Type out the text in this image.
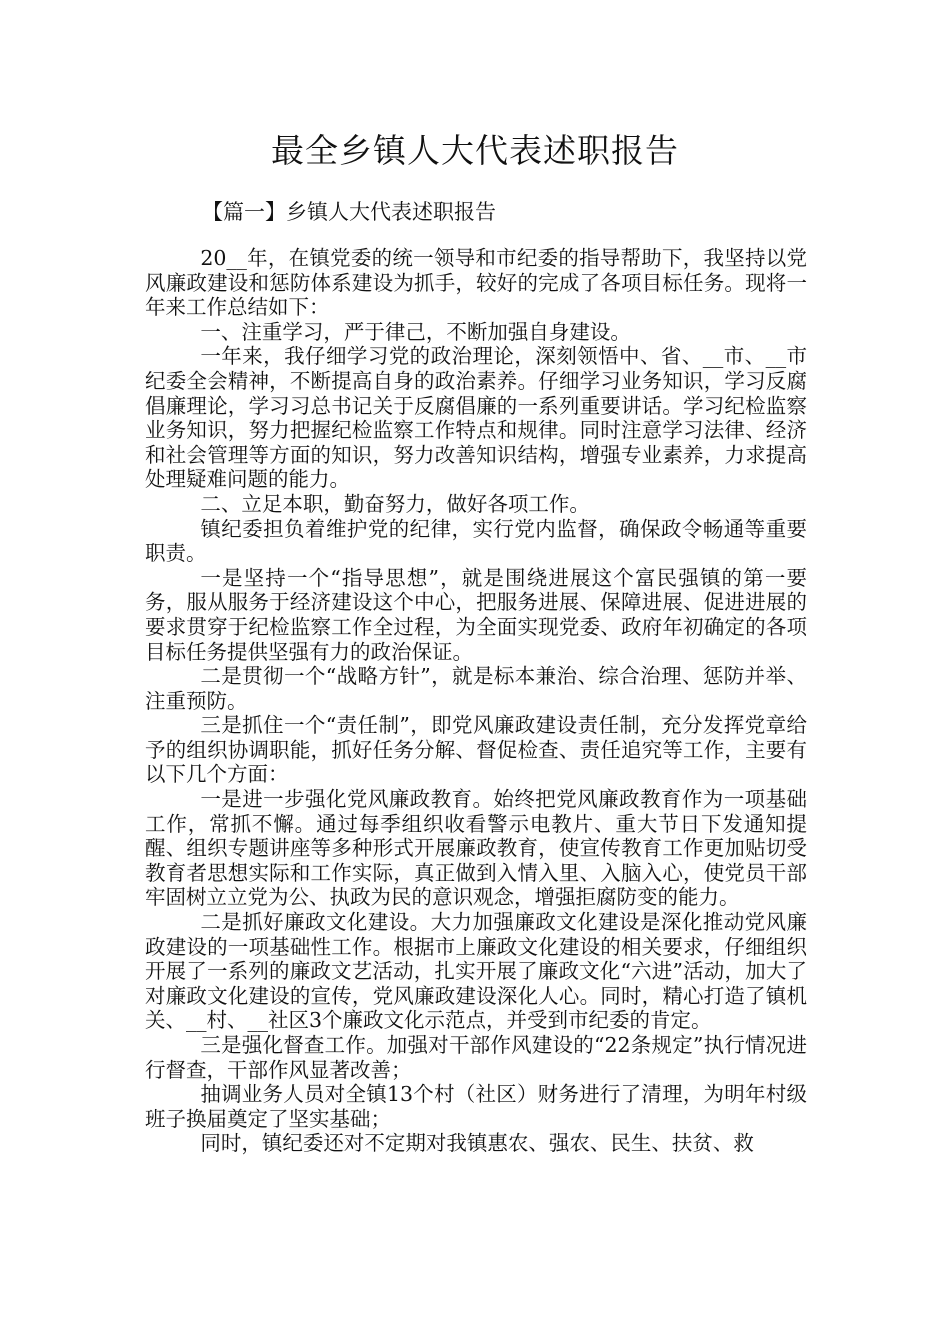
最全乡镇人大代表述职报告
【篇一】乡镇人大代表述职报告

20__年，在镇党委的统一领导和市纪委的指导帮助下，我坚持以党风廉政建设和惩防体系建设为抓手，较好的完成了各项目标任务。现将一年来工作总结如下：

一、注重学习，严于律己，不断加强自身建设。

一年来，我仔细学习党的政治理论，深刻领悟中、省、__市、__市纪委全会精神，不断提高自身的政治素养。仔细学习业务知识，学习反腐倡廉理论，学习习总书记关于反腐倡廉的一系列重要讲话。学习纪检监察业务知识，努力把握纪检监察工作特点和规律。同时注意学习法律、经济和社会管理等方面的知识，努力改善知识结构，增强专业素养，力求提高处理疑难问题的能力。

二、立足本职，勤奋努力，做好各项工作。

镇纪委担负着维护党的纪律，实行党内监督，确保政令畅通等重要职责。

一是坚持一个“指导思想”，就是围绕进展这个富民强镇的第一要务，服从服务于经济建设这个中心，把服务进展、保障进展、促进进展的要求贯穿于纪检监察工作全过程，为全面实现党委、政府年初确定的各项目标任务提供坚强有力的政治保证。

二是贯彻一个“战略方针”，就是标本兼治、综合治理、惩防并举、注重预防。

三是抓住一个“责任制”，即党风廉政建设责任制，充分发挥党章给予的组织协调职能，抓好任务分解、督促检查、责任追究等工作，主要有以下几个方面：

一是进一步强化党风廉政教育。始终把党风廉政教育作为一项基础工作，常抓不懈。通过每季组织收看警示电教片、重大节日下发通知提醒、组织专题讲座等多种形式开展廉政教育，使宣传教育工作更加贴切受教育者思想实际和工作实际，真正做到入情入里、入脑入心，使党员干部牢固树立立党为公、执政为民的意识观念，增强拒腐防变的能力。

二是抓好廉政文化建设。大力加强廉政文化建设是深化推动党风廉政建设的一项基础性工作。根据市上廉政文化建设的相关要求，仔细组织开展了一系列的廉政文艺活动，扎实开展了廉政文化“六进”活动，加大了对廉政文化建设的宣传，党风廉政建设深化人心。同时，精心打造了镇机关、__村、__社区3个廉政文化示范点，并受到市纪委的肯定。

三是强化督查工作。加强对干部作风建设的“22条规定”执行情况进行督查，干部作风显著改善；

抽调业务人员对全镇13个村（社区）财务进行了清理，为明年村级班子换届奠定了坚实基础；

同时，镇纪委还对不定期对我镇惠农、强农、民生、扶贫、救
